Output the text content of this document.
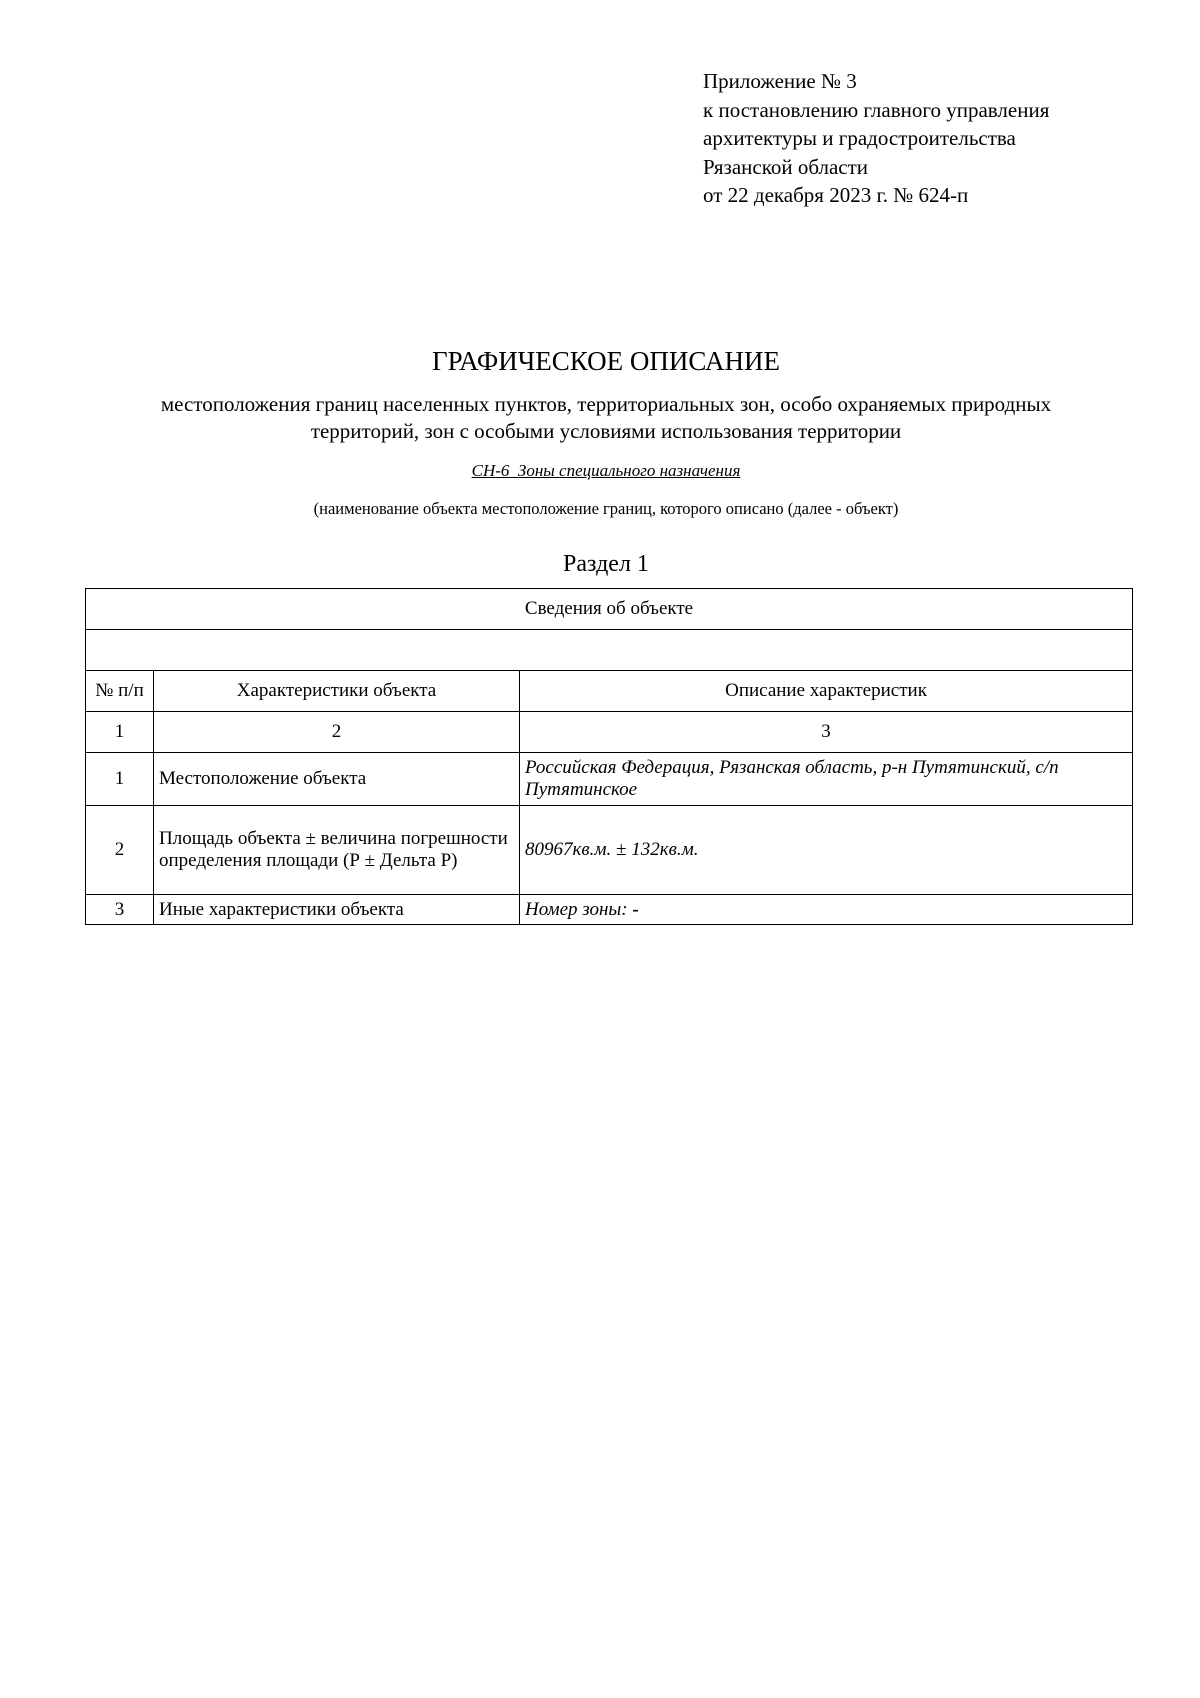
Приложение № 3
к постановлению главного управления
архитектуры и градостроительства
Рязанской области
от 22 декабря 2023 г. № 624-п
ГРАФИЧЕСКОЕ ОПИСАНИЕ
местоположения границ населенных пунктов, территориальных зон, особо охраняемых природных
территорий, зон с особыми условиями использования территории
СН-6  Зоны специального назначения
(наименование объекта местоположение границ, которого описано (далее - объект)
Раздел 1
Сведения об объекте		

№ п/п	Характеристики объекта	Описание характеристик
1	2	3
1	Местоположение объекта	Российская Федерация, Рязанская область, р-н Путятинский, с/п Путятинское
2	Площадь объекта ± величина погрешности определения площади (Р ± Дельта Р)	80967кв.м. ± 132кв.м.
3	Иные характеристики объекта	Номер зоны: -
